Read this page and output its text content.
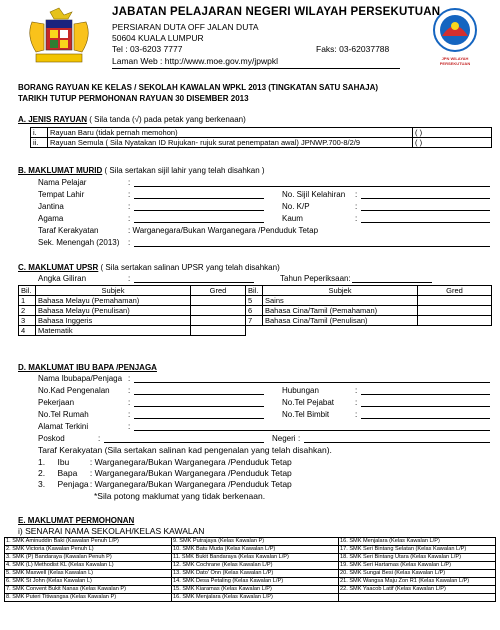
JPN WILAYAH PERSEKUTUAN
JABATAN PELAJARAN NEGERI WILAYAH PERSEKUTUAN
PERSIARAN DUTA OFF JALAN DUTA
50604 KUALA LUMPUR
Tel : 03-6203 7777	Faks: 03-62037788
Laman Web : http://www.moe.gov.my/jpwpkl
BORANG RAYUAN KE KELAS / SEKOLAH KAWALAN WPKL 2013 (TINGKATAN SATU SAHAJA)
TARIKH TUTUP PERMOHONAN RAYUAN 30 DISEMBER 2013
A. JENIS RAYUAN ( Sila tanda (√) pada petak yang berkenaan)
i.	Rayuan Baru (tidak pernah memohon)	( )
ii.	Rayuan Semula ( Sila Nyatakan ID Rujukan- rujuk surat penempatan awal) JPNWP.700-8/2/9	( )
B. MAKLUMAT MURID ( Sila sertakan sijil lahir yang telah disahkan )
Nama Pelajar	:
Tempat Lahir	:	No. Sijil Kelahiran :
Jantina	:	No. K/P	:
Agama	:	Kaum	:
Taraf Kerakyatan	: Warganegara/Bukan Warganegara /Penduduk Tetap
Sek. Menengah (2013) :
C. MAKLUMAT UPSR ( Sila sertakan salinan UPSR yang telah disahkan)
Angka Giliran	:	Tahun Peperiksaan:
Bil.	Subjek	Gred	Bil.	Subjek	Gred
1	Bahasa Melayu (Pemahaman)		5	Sains	
2	Bahasa Melayu (Penulisan)		6	Bahasa Cina/Tamil (Pemahaman)	
3	Bahasa Inggeris		7	Bahasa Cina/Tamil (Penulisan)	
4	Matematik				
D. MAKLUMAT IBU BAPA /PENJAGA
Nama Ibubapa/Penjaga :
No.Kad Pengenalan :	Hubungan	:
Pekerjaan	:	No.Tel Pejabat	:
No.Tel Rumah	:	No.Tel Bimbit	:
Alamat Terkini	:
Poskod	:	Negeri :
Taraf Kerakyatan (Sila sertakan salinan kad pengenalan yang telah disahkan).
1. Ibu : Warganegara/Bukan Warganegara /Penduduk Tetap
2. Bapa : Warganegara/Bukan Warganegara /Penduduk Tetap
3. Penjaga : Warganegara/Bukan Warganegara /Penduduk Tetap
*Sila potong maklumat yang tidak berkenaan.
E. MAKLUMAT PERMOHONAN
i) SENARAI NAMA SEKOLAH/KELAS KAWALAN
1. SMK Aminuddin Baki (Kawalan Penuh L/P)	9. SMK Putrajaya (Kelas Kawalan P)	16. SMK Menjalara (Kelas Kawalan L/P)
2. SMK Victoria (Kawalan Penuh L)	10. SMK Batu Muda (Kelas Kawalan L/P)	17. SMK Seri Bintang Selatan (Kelas Kawalan L/P)
3. SMK (P) Bandaraya (Kawalan Penuh P)	11. SMK Bukit Bandaraya (Kelas Kawalan L/P)	18. SMK Seri Bintang Utara (Kelas Kawalan L/P)
4. SMK (L) Methodist KL (Kelas Kawalan L)	12. SMK Cochrane (Kelas Kawalan L/P)	19. SMK Seri Hartamas (Kelas Kawalan L/P)
5. SMK Maxwell (Kelas Kawalan L)	13. SMK Dato' Onn (Kelas Kawalan L/P)	20. SMK Sungai Besi (Kelas Kawalan L/P)
6. SMK St John (Kelas Kawalan L)	14. SMK Desa Petaling (Kelas Kawalan L/P)	21. SMK Wangsa Maju Zon R1 (Kelas Kawalan L/P)
7. SMK Convent Bukit Nanas (Kelas Kawalan P)	15. SMK Kiaramas (Kelas Kawalan L/P)	22. SMK Yaacob Latif (Kelas Kawalan L/P)
8. SMK Puteri Titiwangsa (Kelas Kawalan P)	16. SMK Menjalara (Kelas Kawalan L/P)	
